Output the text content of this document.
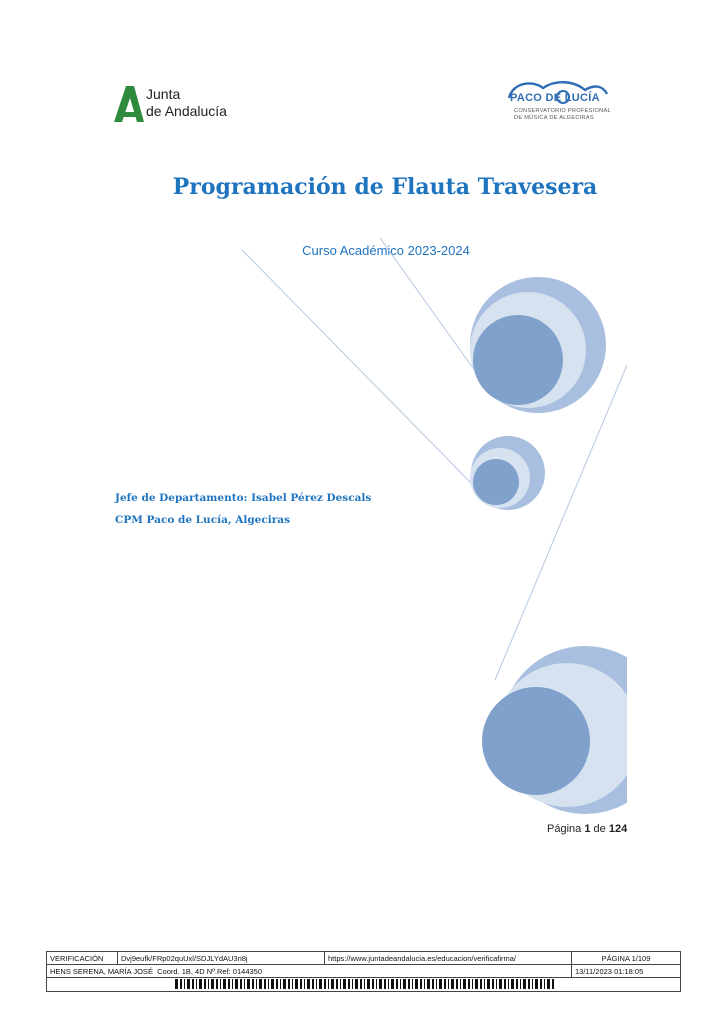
Junta
de Andalucía
PACO DE LUCÍA
CONSERVATORIO PROFESIONAL
DE MÚSICA DE ALGECIRAS
Programación de Flauta Travesera
Curso Académico 2023-2024
Jefe de Departamento: Isabel Pérez Descals
CPM Paco de Lucía, Algeciras
Página 1 de 124
VERIFICACIÓN	Dvj9eufk/FRp02quUxl/SDJLYdAU3n8j	https://www.juntadeandalucia.es/educacion/verificafirma/	PÁGINA 1/109
HENS SERENA, MARÍA JOSÉ Coord. 1B, 4D Nº.Ref: 0144350			13/11/2023 01:18:05
